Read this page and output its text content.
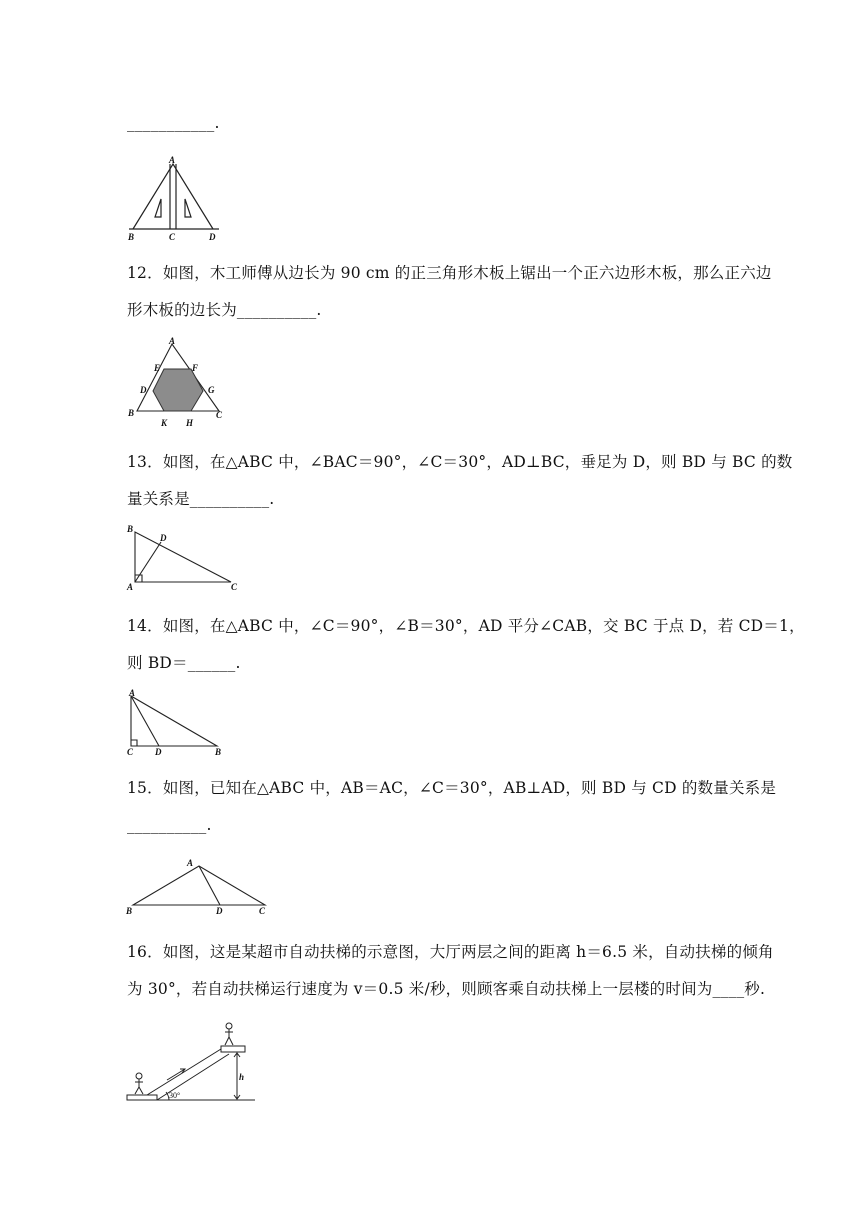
___________.
A
B	C	D
12．如图，木工师傅从边长为 90 cm 的正三角形木板上锯出一个正六边形木板，那么正六边
形木板的边长为__________.
A
E	F
D	G
B
K H
C
13．如图，在△ABC 中，∠BAC＝90°，∠C＝30°，AD⊥BC，垂足为 D，则 BD 与 BC 的数
量关系是__________.
B
D
A	C
14．如图，在△ABC 中，∠C＝90°，∠B＝30°，AD 平分∠CAB，交 BC 于点 D，若 CD＝1，
则 BD＝______.
A
C D	B
15．如图，已知在△ABC 中，AB＝AC，∠C＝30°，AB⊥AD，则 BD 与 CD 的数量关系是
__________.
A
B	D	C
16．如图，这是某超市自动扶梯的示意图，大厅两层之间的距离 h＝6.5 米，自动扶梯的倾角
为 30°，若自动扶梯运行速度为 v＝0.5 米/秒，则顾客乘自动扶梯上一层楼的时间为____秒.
h
30°
